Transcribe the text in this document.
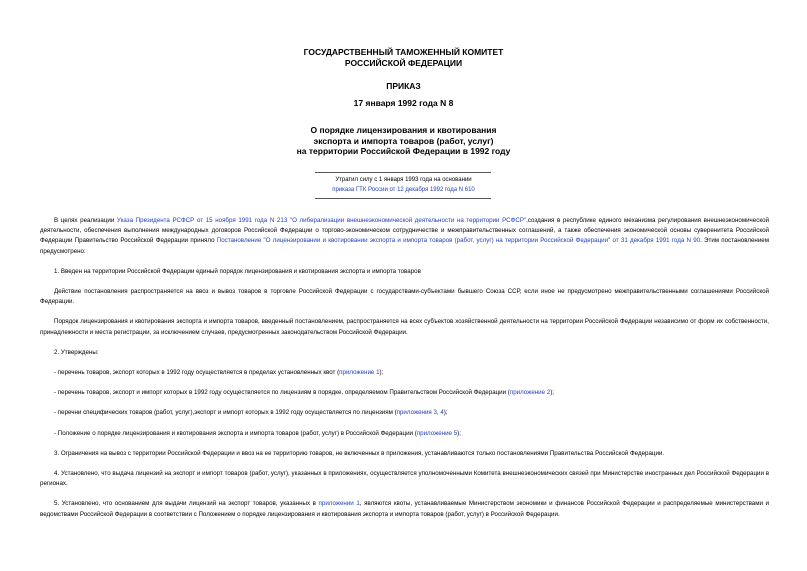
ГОСУДАРСТВЕННЫЙ ТАМОЖЕННЫЙ КОМИТЕТ
РОССИЙСКОЙ ФЕДЕРАЦИИ
ПРИКАЗ
17 января 1992 года N 8
О порядке лицензирования и квотирования
экспорта и импорта товаров (работ, услуг)
на территории Российской Федерации в 1992 году
Утратил силу с 1 января 1993 года на основании
приказа ГТК России от 12 декабря 1992 года N 610

В целях реализации Указа Президента РСФСР от 15 ноября 1991 года N 213 "О либерализации внешнеэкономической деятельности на территории РСФСР",создания в республике единого механизма регулирования внешнеэкономической деятельности, обеспечения выполнения международных договоров Российской Федерации о торгово-экономическом сотрудничестве и межправительственных соглашений, а также обеспечения экономической основы суверенитета Российской Федерации Правительство Российской Федерации приняло Постановление "О лицензировании и квотировании экспорта и импорта товаров (работ, услуг) на территории Российской Федерации" от 31 декабря 1991 года N 90. Этим постановлением предусмотрено:

1. Введен на территории Российской Федерации единый порядок лицензирования и квотирования экспорта и импорта товаров

Действие постановления распространяется на ввоз и вывоз товаров в торговле Российской Федерации с государствами-субъектами бывшего Союза ССР, если иное не предусмотрено межправительственными соглашениями Российской Федерации.

Порядок лицензирования и квотирования экспорта и импорта товаров, введенный постановлением, распространяется на всех субъектов хозяйственной деятельности на территории Российской Федерации независимо от форм их собственности, принадлежности и места регистрации, за исключением случаев, предусмотренных законодательством Российской Федерации.

2. Утверждены:

- перечень товаров, экспорт которых в 1992 году осуществляется в пределах установленных квот (приложение 1);

- перечень товаров, экспорт и импорт которых в 1992 году осуществляется по лицензиям в порядке, определяемом Правительством Российской Федерации (приложение 2);

- перечни специфических товаров (работ, услуг),экспорт и импорт которых в 1992 году осуществляется по лицензиям (приложения 3, 4);

- Положение о порядке лицензирования и квотирования экспорта и импорта товаров (работ, услуг) в Российской Федерации (приложение 5);

3. Ограничения на вывоз с территории Российской Федерации и ввоз на ее территорию товаров, не включенных в приложения, устанавливаются только постановлениями Правительства Российской Федерации.

4. Установлено, что выдача лицензий на экспорт и импорт товаров (работ, услуг), указанных в приложениях, осуществляется уполномоченными Комитета внешнеэкономических связей при Министерстве иностранных дел Российской Федерации в регионах.

5. Установлено, что основанием для выдачи лицензий на экспорт товаров, указанных в приложении 1, являются квоты, устанавливаемые Министерством экономики и финансов Российской Федерации и распределяемые министерствами и ведомствами Российской Федерации в соответствии с Положением о порядке лицензирования и квотирования экспорта и импорта товаров (работ, услуг) в Российской Федерации.
